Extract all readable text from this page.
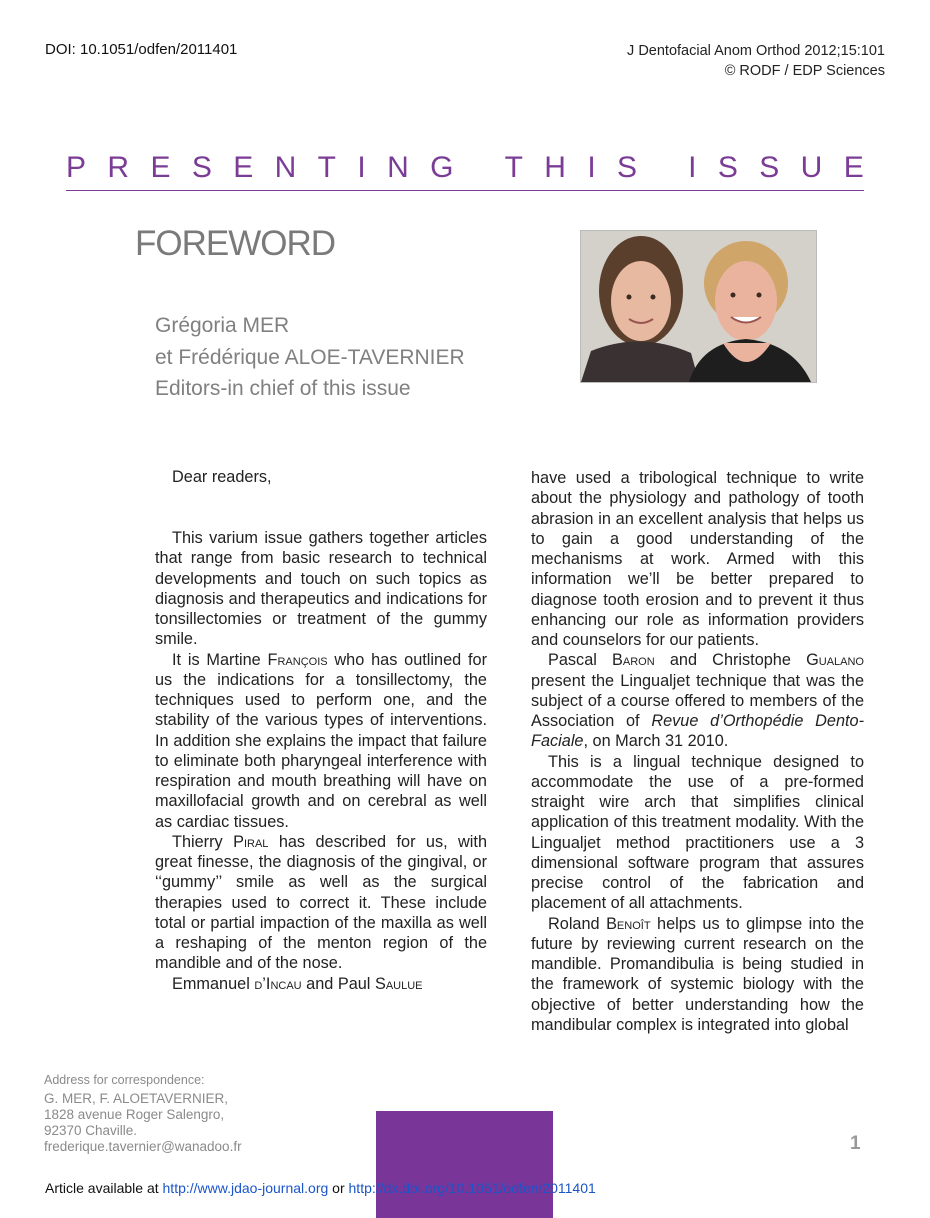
DOI: 10.1051/odfen/2011401	J Dentofacial Anom Orthod 2012;15:101
© RODF / EDP Sciences
P R E S E N T I N G
T H I S
I S S U E
FOREWORD
Grégoria MER
et Frédérique ALOE-TAVERNIER
Editors-in chief of this issue
Dear readers,

This varium issue gathers together articles that range from basic research to technical developments and touch on such topics as diagnosis and therapeutics and indications for tonsillectomies or treatment of the gummy smile.

It is Martine François who has outlined for us the indications for a tonsillectomy, the techniques used to perform one, and the stability of the various types of interventions. In addition she explains the impact that failure to eliminate both pharyngeal interference with respiration and mouth breathing will have on maxillofacial growth and on cerebral as well as cardiac tissues.

Thierry Piral has described for us, with great finesse, the diagnosis of the gingival, or ‘‘gummy’’ smile as well as the surgical therapies used to correct it. These include total or partial impaction of the maxilla as well a reshaping of the menton region of the mandible and of the nose.

Emmanuel d’Incau and Paul Saulue

have used a tribological technique to write about the physiology and pathology of tooth abrasion in an excellent analysis that helps us to gain a good understanding of the mechanisms at work. Armed with this information we’ll be better prepared to diagnose tooth erosion and to prevent it thus enhancing our role as information providers and counselors for our patients.

Pascal Baron and Christophe Gualano present the Lingualjet technique that was the subject of a course offered to members of the Association of Revue d’Orthopédie Dento-Faciale, on March 31 2010.

This is a lingual technique designed to accommodate the use of a pre-formed straight wire arch that simplifies clinical application of this treatment modality. With the Lingualjet method practitioners use a 3 dimensional software program that assures precise control of the fabrication and placement of all attachments.

Roland Benoît helps us to glimpse into the future by reviewing current research on the mandible. Promandibulia is being studied in the framework of systemic biology with the objective of better understanding how the mandibular complex is integrated into global

Address for correspondence:
G. MER, F. ALOETAVERNIER,
1828 avenue Roger Salengro,
92370 Chaville.
frederique.tavernier@wanadoo.fr	1
Article available at http://www.jdao-journal.org or http://dx.doi.org/10.1051/odfen/2011401
